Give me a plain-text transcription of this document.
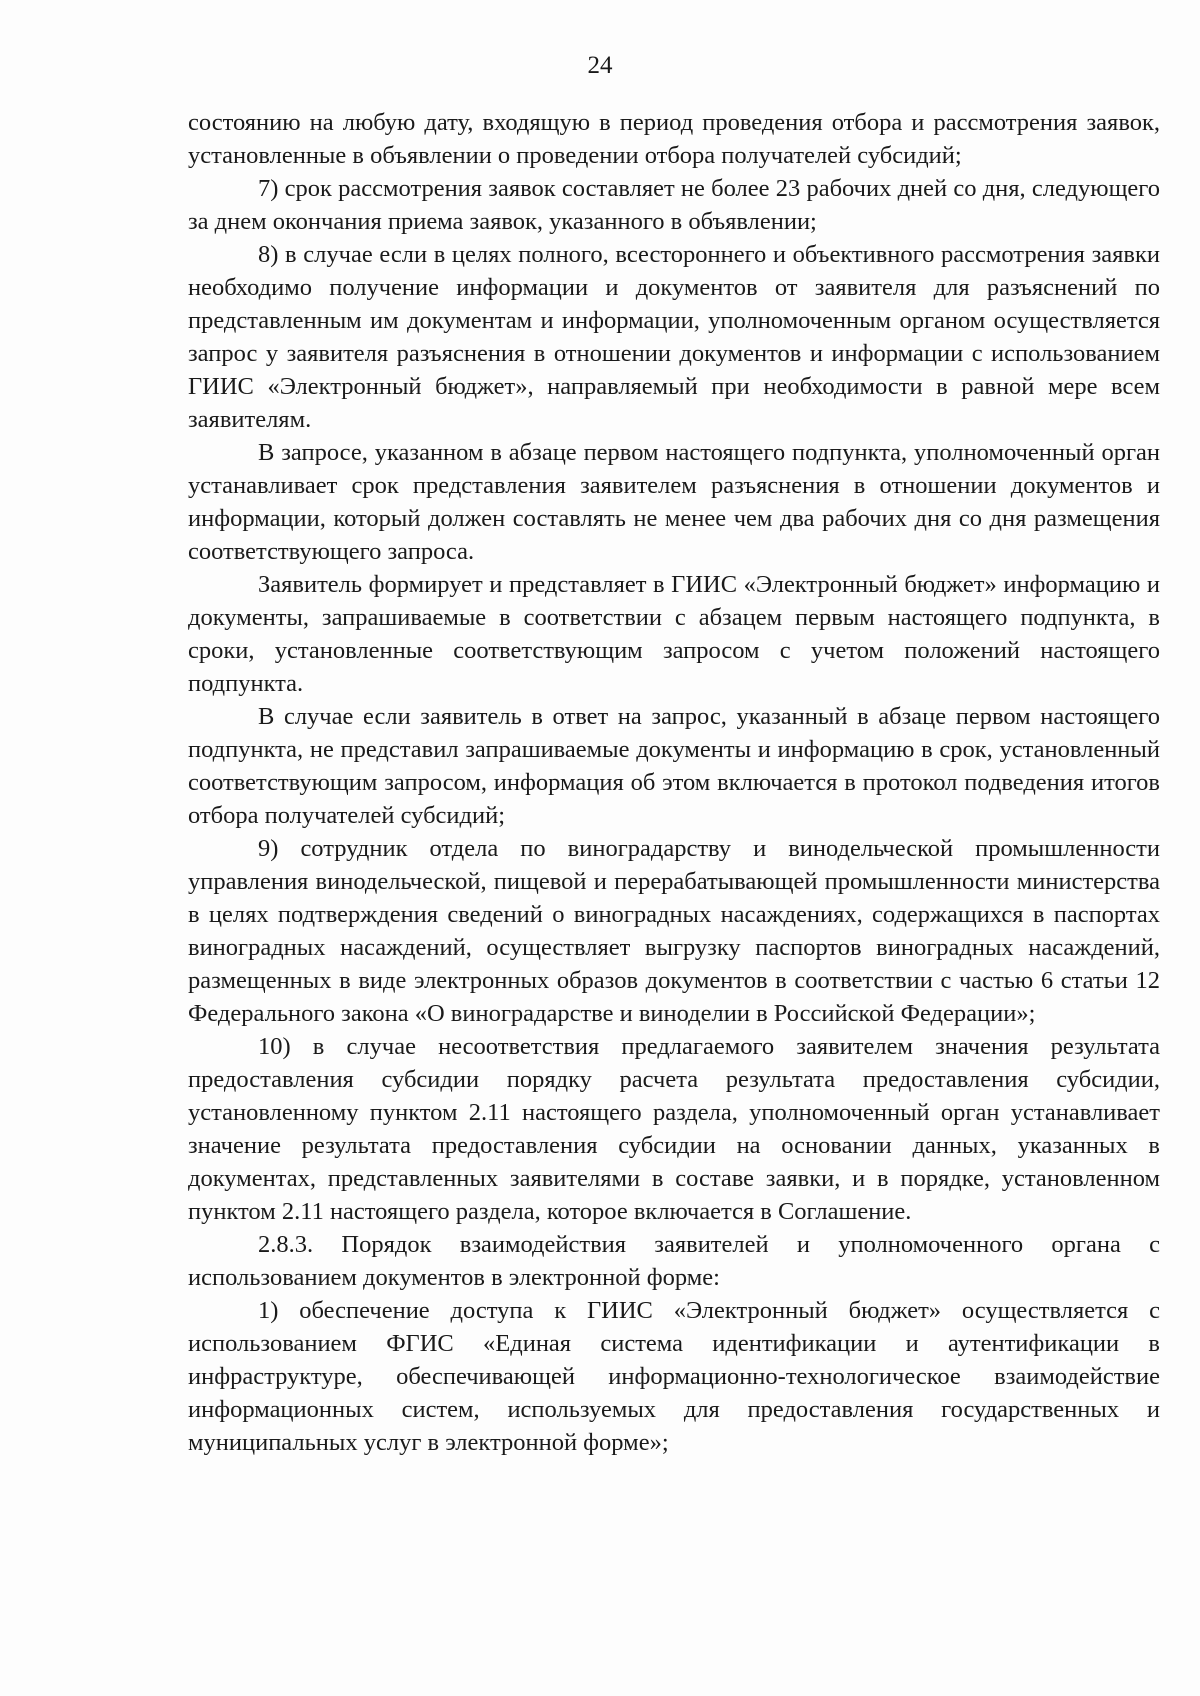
24

состоянию на любую дату, входящую в период проведения отбора и рассмотрения заявок, установленные в объявлении о проведении отбора получателей субсидий;

7) срок рассмотрения заявок составляет не более 23 рабочих дней со дня, следующего за днем окончания приема заявок, указанного в объявлении;

8) в случае если в целях полного, всестороннего и объективного рассмотрения заявки необходимо получение информации и документов от заявителя для разъяснений по представленным им документам и информации, уполномоченным органом осуществляется запрос у заявителя разъяснения в отношении документов и информации с использованием ГИИС «Электронный бюджет», направляемый при необходимости в равной мере всем заявителям.

В запросе, указанном в абзаце первом настоящего подпункта, уполномоченный орган устанавливает срок представления заявителем разъяснения в отношении документов и информации, который должен составлять не менее чем два рабочих дня со дня размещения соответствующего запроса.

Заявитель формирует и представляет в ГИИС «Электронный бюджет» информацию и документы, запрашиваемые в соответствии с абзацем первым настоящего подпункта, в сроки, установленные соответствующим запросом с учетом положений настоящего подпункта.

В случае если заявитель в ответ на запрос, указанный в абзаце первом настоящего подпункта, не представил запрашиваемые документы и информацию в срок, установленный соответствующим запросом, информация об этом включается в протокол подведения итогов отбора получателей субсидий;

9) сотрудник отдела по виноградарству и винодельческой промышленности управления винодельческой, пищевой и перерабатывающей промышленности министерства в целях подтверждения сведений о виноградных насаждениях, содержащихся в паспортах виноградных насаждений, осуществляет выгрузку паспортов виноградных насаждений, размещенных в виде электронных образов документов в соответствии с частью 6 статьи 12 Федерального закона «О виноградарстве и виноделии в Российской Федерации»;

10) в случае несоответствия предлагаемого заявителем значения результата предоставления субсидии порядку расчета результата предоставления субсидии, установленному пунктом 2.11 настоящего раздела, уполномоченный орган устанавливает значение результата предоставления субсидии на основании данных, указанных в документах, представленных заявителями в составе заявки, и в порядке, установленном пунктом 2.11 настоящего раздела, которое включается в Соглашение.

2.8.3. Порядок взаимодействия заявителей и уполномоченного органа с использованием документов в электронной форме:

1) обеспечение доступа к ГИИС «Электронный бюджет» осуществляется с использованием ФГИС «Единая система идентификации и аутентификации в инфраструктуре, обеспечивающей информационно-технологическое взаимодействие информационных систем, используемых для предоставления государственных и муниципальных услуг в электронной форме»;
